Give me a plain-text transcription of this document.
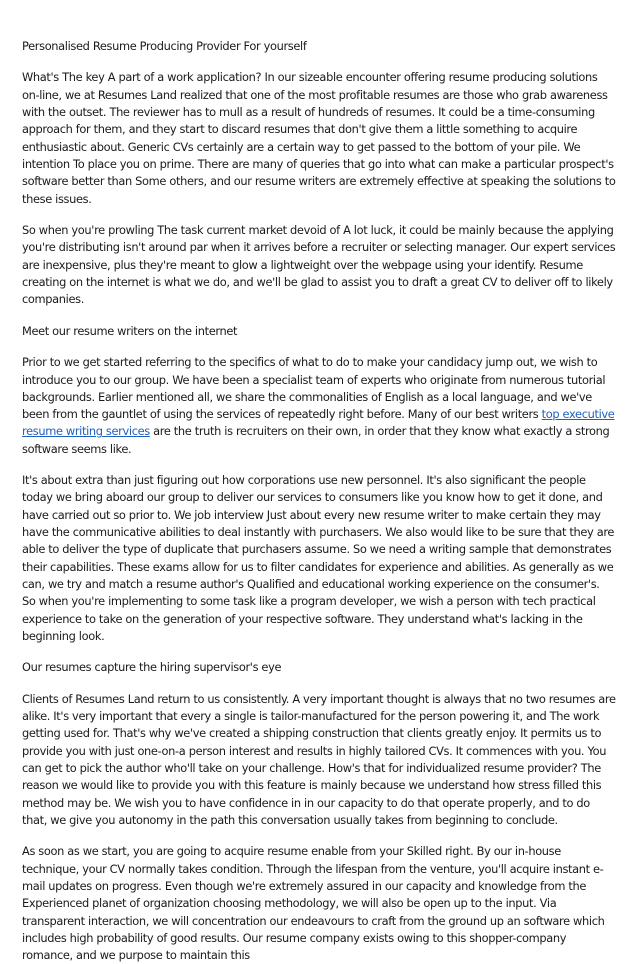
Personalised Resume Producing Provider For yourself

What's The key A part of a work application? In our sizeable encounter offering resume producing solutions on-line, we at Resumes Land realized that one of the most profitable resumes are those who grab awareness with the outset. The reviewer has to mull as a result of hundreds of resumes. It could be a time-consuming approach for them, and they start to discard resumes that don't give them a little something to acquire enthusiastic about. Generic CVs certainly are a certain way to get passed to the bottom of your pile. We intention To place you on prime. There are many of queries that go into what can make a particular prospect's software better than Some others, and our resume writers are extremely effective at speaking the solutions to these issues.

So when you're prowling The task current market devoid of A lot luck, it could be mainly because the applying you're distributing isn't around par when it arrives before a recruiter or selecting manager. Our expert services are inexpensive, plus they're meant to glow a lightweight over the webpage using your identify. Resume creating on the internet is what we do, and we'll be glad to assist you to draft a great CV to deliver off to likely companies.

Meet our resume writers on the internet

Prior to we get started referring to the specifics of what to do to make your candidacy jump out, we wish to introduce you to our group. We have been a specialist team of experts who originate from numerous tutorial backgrounds. Earlier mentioned all, we share the commonalities of English as a local language, and we've been from the gauntlet of using the services of repeatedly right before. Many of our best writers top executive resume writing services are the truth is recruiters on their own, in order that they know what exactly a strong software seems like.

It's about extra than just figuring out how corporations use new personnel. It's also significant the people today we bring aboard our group to deliver our services to consumers like you know how to get it done, and have carried out so prior to. We job interview Just about every new resume writer to make certain they may have the communicative abilities to deal instantly with purchasers. We also would like to be sure that they are able to deliver the type of duplicate that purchasers assume. So we need a writing sample that demonstrates their capabilities. These exams allow for us to filter candidates for experience and abilities. As generally as we can, we try and match a resume author's Qualified and educational working experience on the consumer's. So when you're implementing to some task like a program developer, we wish a person with tech practical experience to take on the generation of your respective software. They understand what's lacking in the beginning look.

Our resumes capture the hiring supervisor's eye

Clients of Resumes Land return to us consistently. A very important thought is always that no two resumes are alike. It's very important that every a single is tailor-manufactured for the person powering it, and The work getting used for. That's why we've created a shipping construction that clients greatly enjoy. It permits us to provide you with just one-on-a person interest and results in highly tailored CVs. It commences with you. You can get to pick the author who'll take on your challenge. How's that for individualized resume provider? The reason we would like to provide you with this feature is mainly because we understand how stress filled this method may be. We wish you to have confidence in in our capacity to do that operate properly, and to do that, we give you autonomy in the path this conversation usually takes from beginning to conclude.

As soon as we start, you are going to acquire resume enable from your Skilled right. By our in-house technique, your CV normally takes condition. Through the lifespan from the venture, you'll acquire instant e-mail updates on progress. Even though we're extremely assured in our capacity and knowledge from the Experienced planet of organization choosing methodology, we will also be open up to the input. Via transparent interaction, we will concentration our endeavours to craft from the ground up an software which includes high probability of good results. Our resume company exists owing to this shopper-company romance, and we purpose to maintain this
